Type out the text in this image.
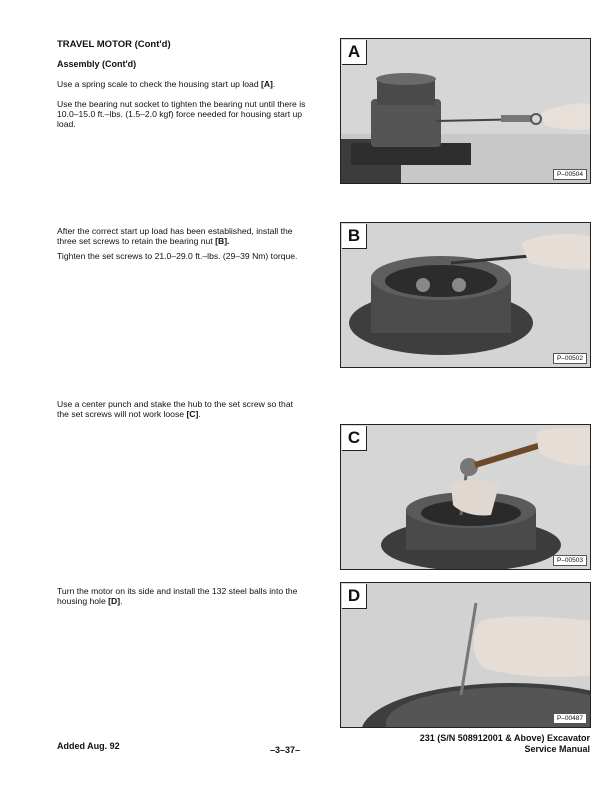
TRAVEL MOTOR (Cont'd)
Assembly (Cont'd)
Use a spring scale to check the housing start up load [A].
Use the bearing nut socket to tighten the bearing nut until there is 10.0–15.0 ft.–lbs. (1.5–2.0 kgf) force needed for housing start up load.
After the correct start up load has been established, install the three set screws to retain the bearing nut [B].
Tighten the set screws to 21.0–29.0 ft.–lbs. (29–39 Nm) torque.
Use a center punch and stake the hub to the set screw so that the set screws will not work loose [C].
Turn the motor on its side and install the 132 steel balls into the housing hole [D].
A
P–00504
B
P–00502
C
P–00503
D
P–00487
Added Aug. 92	–3–37–
231 (S/N 508912001 & Above) Excavator
Service Manual
